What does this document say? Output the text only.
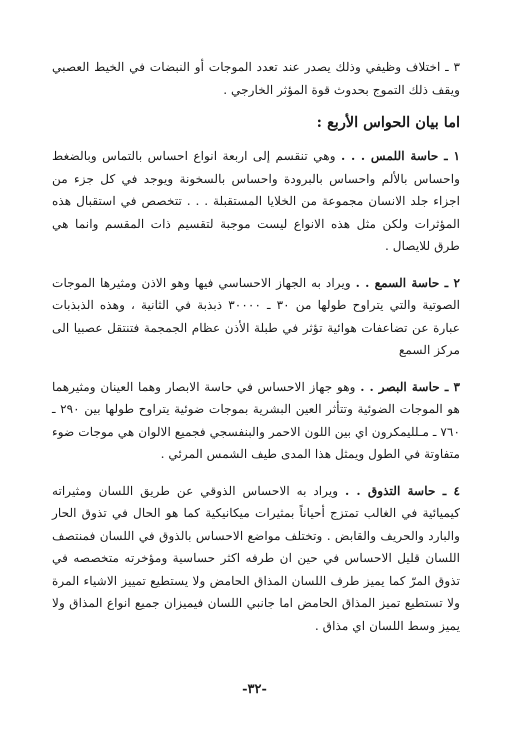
٣ ـ اختلاف وظيفي وذلك يصدر عند تعدد الموجات أو النبضات في الخيط العصبي ويقف ذلك التموج بحدوث قوة المؤثر الخارجي .

اما بيان الحواس الأربع :

١ ـ حاسة اللمس . . . وهي تنقسم إلى اربعة انواع احساس بالتماس وبالضغط واحساس بالألم واحساس بالبرودة واحساس بالسخونة ويوجد في كل جزء من اجزاء جلد الانسان مجموعة من الخلايا المستقبلة . . . تتخصص في استقبال هذه المؤثرات ولكن مثل هذه الانواع ليست موجبة لتقسيم ذات المقسم وانما هي طرق للايصال .

٢ ـ حاسة السمع . . ويراد به الجهاز الاحساسي فيها وهو الاذن ومثيرها الموجات الصوتية والتي يتراوح طولها من ٣٠ ـ ٣٠٠٠٠ ذبذبة في الثانية ، وهذه الذبذبات عبارة عن تضاعفات هوائية تؤثر في طبلة الأذن عظام الجمجمة فتنتقل عصبيا الى مركز السمع

٣ ـ حاسة البصر . . وهو جهاز الاحساس في حاسة الابصار وهما العينان ومثيرهما هو الموجات الضوئية وتتأثر العين البشرية بموجات ضوئية يتراوح طولها بين ٢٩٠ ـ ٧٦٠ ـ مـلليمكرون اي بين اللون الاحمر والبنفسجي فجميع الالوان هي موجات ضوء متفاوتة في الطول ويمثل هذا المدى طيف الشمس المرئي .

٤ ـ حاسة التذوق . . ويراد به الاحساس الذوقي عن طريق اللسان ومثيراته كيميائية في الغالب تمتزج أحياناً بمثيرات ميكانيكية كما هو الحال في تذوق الحار والبارد والحريف والقابض . وتختلف مواضع الاحساس بالذوق في اللسان فمنتصف اللسان قليل الاحساس في حين ان طرفه اكثر حساسية ومؤخرته متخصصه في تذوق المرّ كما يميز طرف اللسان المذاق الحامض ولا يستطيع تمييز الاشياء المرة ولا تستطيع تميز المذاق الحامض اما جانبي اللسان فيميزان جميع انواع المذاق ولا يميز وسط اللسان اي مذاق .

-٣٢-
